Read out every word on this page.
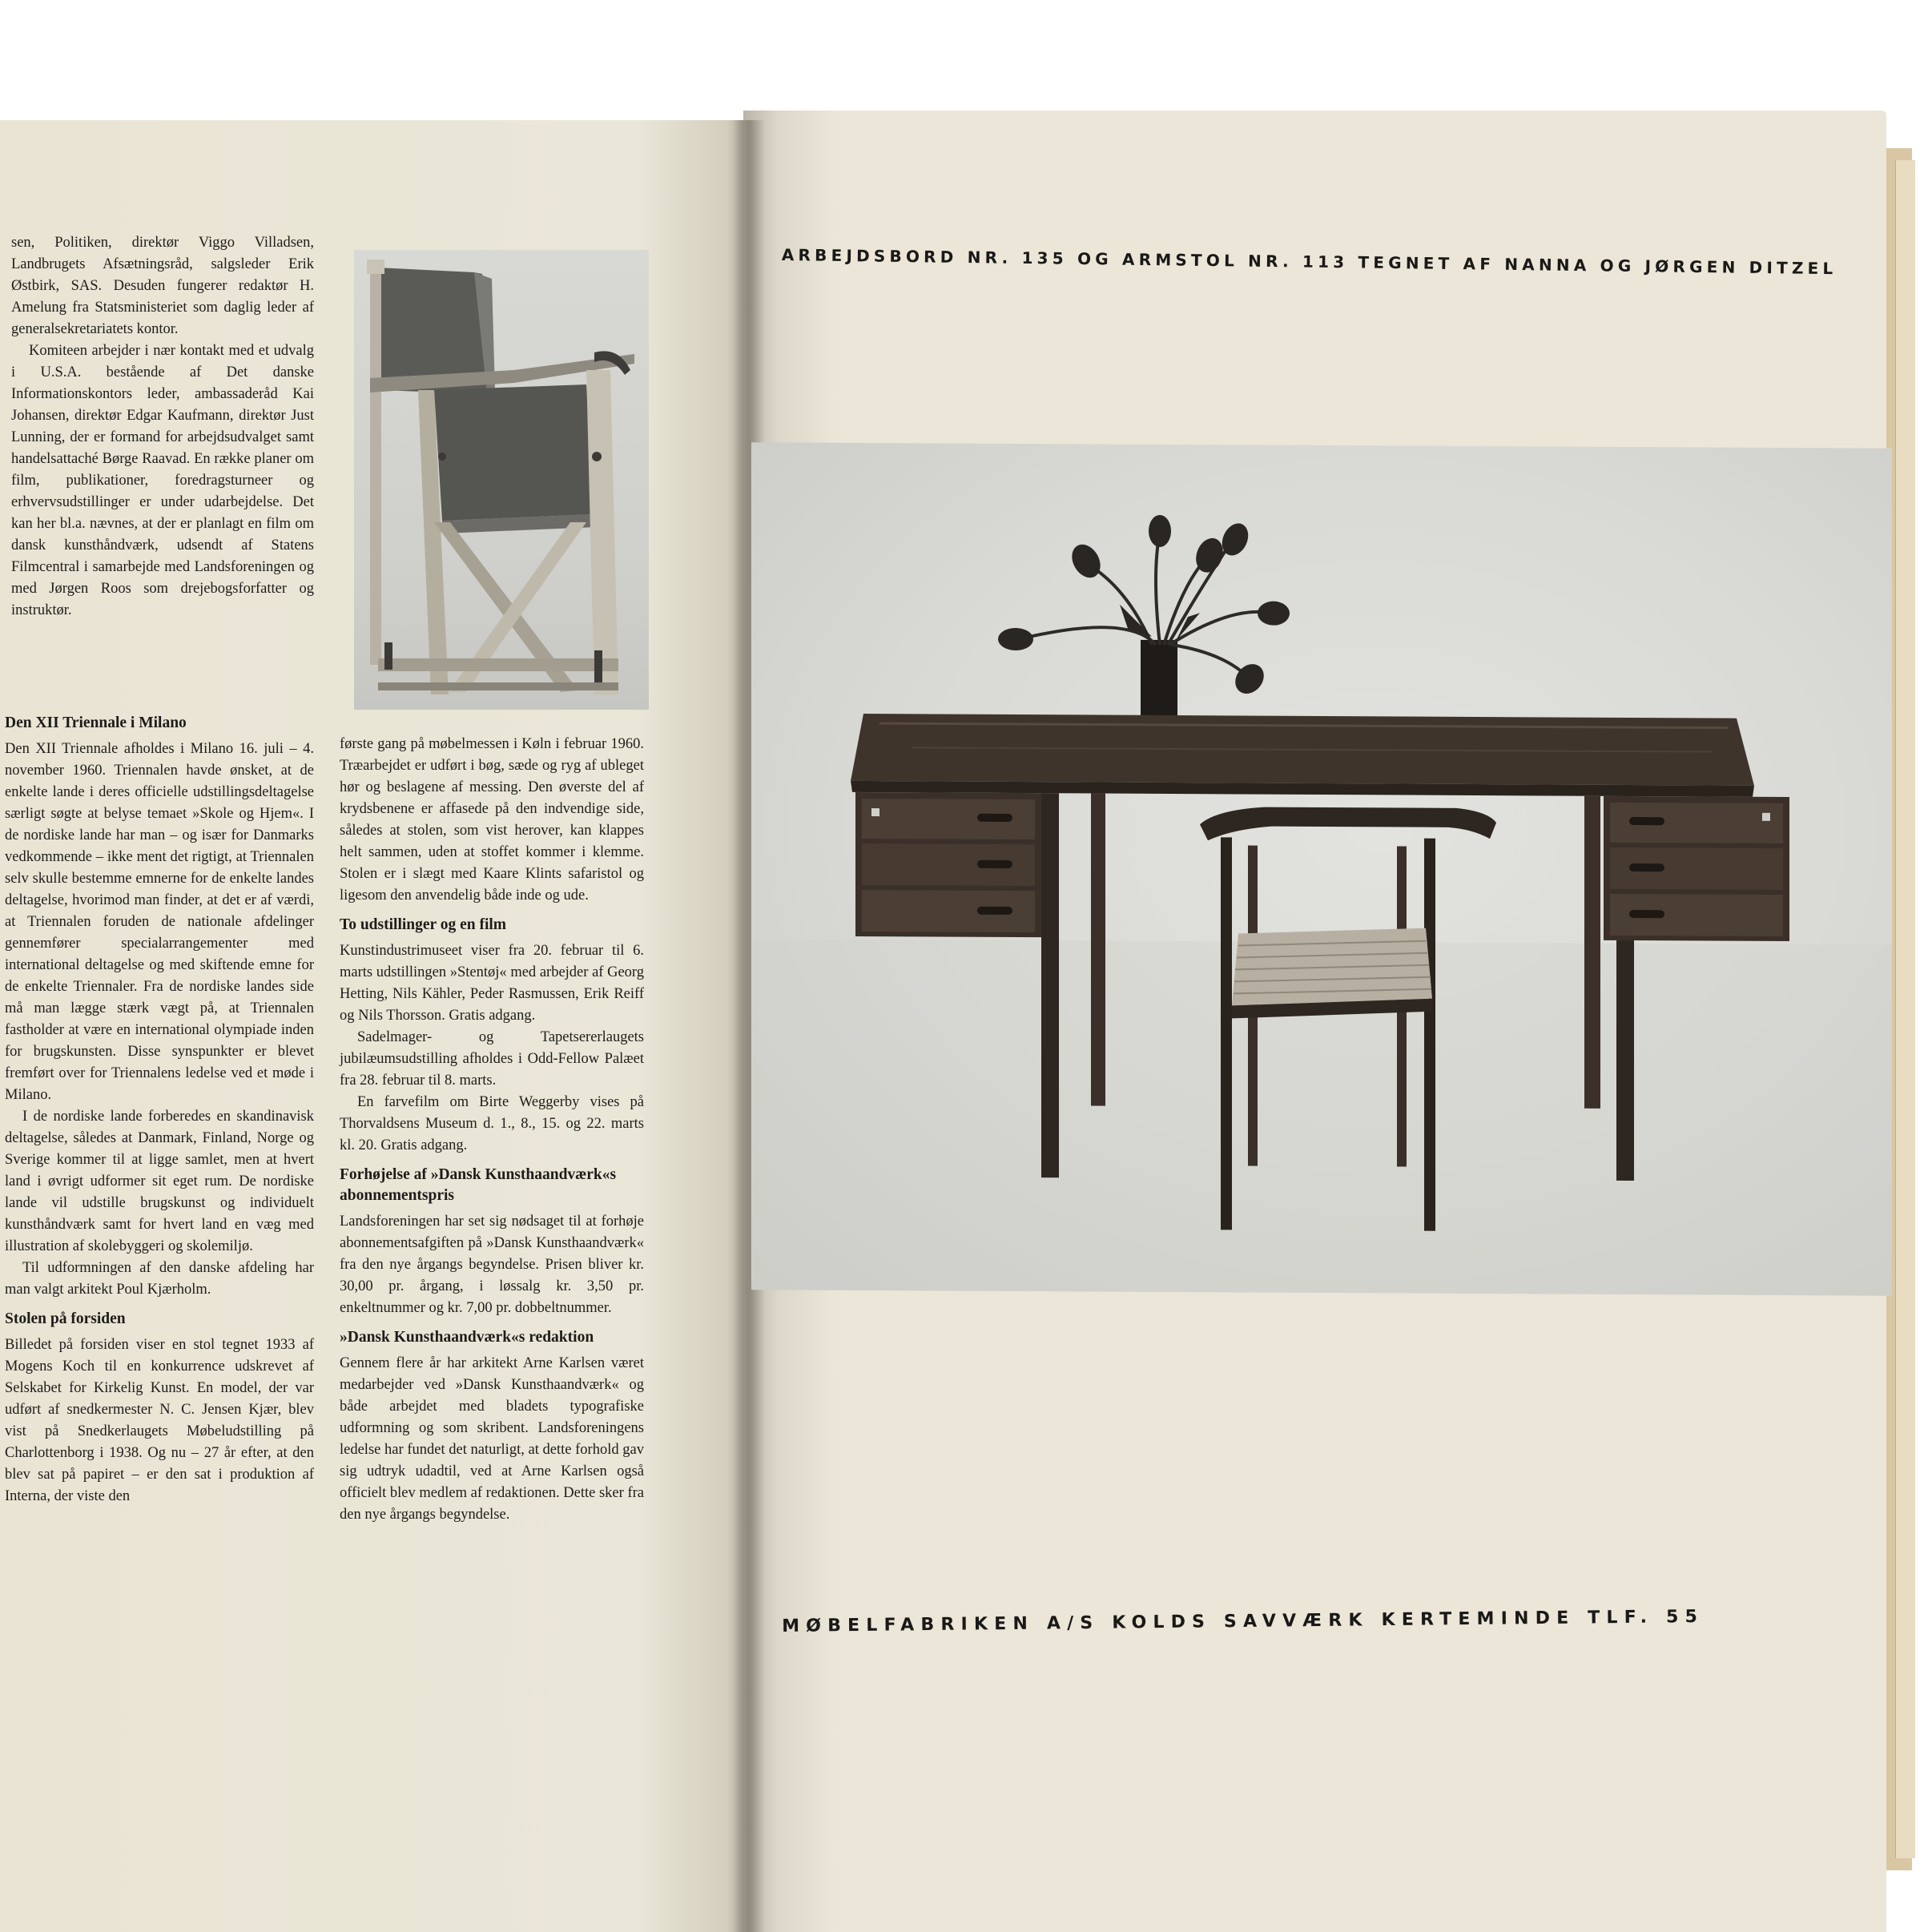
sen, Politiken, direktør Viggo Villadsen, Landbrugets Afsætningsråd, salgsleder Erik Østbirk, SAS. Desuden fungerer redaktør H. Amelung fra Statsministeriet som daglig leder af generalsekretariatets kontor.

Komiteen arbejder i nær kontakt med et udvalg i U.S.A. bestående af Det danske Informationskontors leder, ambassaderåd Kai Johansen, direktør Edgar Kaufmann, direktør Just Lunning, der er formand for arbejdsudvalget samt handelsattaché Børge Raavad. En række planer om film, publikationer, foredragsturneer og erhvervsudstillinger er under udarbejdelse. Det kan her bl.a. nævnes, at der er planlagt en film om dansk kunsthåndværk, udsendt af Statens Filmcentral i samarbejde med Landsforeningen og med Jørgen Roos som drejebogsforfatter og instruktør.

Den XII Triennale i Milano

Den XII Triennale afholdes i Milano 16. juli – 4. november 1960. Triennalen havde ønsket, at de enkelte lande i deres officielle udstillingsdeltagelse særligt søgte at belyse temaet »Skole og Hjem«. I de nordiske lande har man – og især for Danmarks vedkommende – ikke ment det rigtigt, at Triennalen selv skulle bestemme emnerne for de enkelte landes deltagelse, hvorimod man finder, at det er af værdi, at Triennalen foruden de nationale afdelinger gennemfører specialarrangementer med international deltagelse og med skiftende emne for de enkelte Triennaler. Fra de nordiske landes side må man lægge stærk vægt på, at Triennalen fastholder at være en international olympiade inden for brugskunsten. Disse synspunkter er blevet fremført over for Triennalens ledelse ved et møde i Milano.

I de nordiske lande forberedes en skandinavisk deltagelse, således at Danmark, Finland, Norge og Sverige kommer til at ligge samlet, men at hvert land i øvrigt udformer sit eget rum. De nordiske lande vil udstille brugskunst og individuelt kunsthåndværk samt for hvert land en væg med illustration af skolebyggeri og skolemiljø.

Til udformningen af den danske afdeling har man valgt arkitekt Poul Kjærholm.

Stolen på forsiden

Billedet på forsiden viser en stol tegnet 1933 af Mogens Koch til en konkurrence udskrevet af Selskabet for Kirkelig Kunst. En model, der var udført af snedkermester N. C. Jensen Kjær, blev vist på Snedkerlaugets Møbeludstilling på Charlottenborg i 1938. Og nu – 27 år efter, at den blev sat på papiret – er den sat i produktion af Interna, der viste den

første gang på møbelmessen i Køln i februar 1960. Træarbejdet er udført i bøg, sæde og ryg af ubleget hør og beslagene af messing. Den øverste del af krydsbenene er affasede på den indvendige side, således at stolen, som vist herover, kan klappes helt sammen, uden at stoffet kommer i klemme. Stolen er i slægt med Kaare Klints safaristol og ligesom den anvendelig både inde og ude.

To udstillinger og en film

Kunstindustrimuseet viser fra 20. februar til 6. marts udstillingen »Stentøj« med arbejder af Georg Hetting, Nils Kähler, Peder Rasmussen, Erik Reiff og Nils Thorsson. Gratis adgang.

Sadelmager- og Tapetsererlaugets jubilæumsudstilling afholdes i Odd-Fellow Palæet fra 28. februar til 8. marts.

En farvefilm om Birte Weggerby vises på Thorvaldsens Museum d. 1., 8., 15. og 22. marts kl. 20. Gratis adgang.

Forhøjelse af »Dansk Kunsthaandværk«s abonnementspris

Landsforeningen har set sig nødsaget til at forhøje abonnementsafgiften på »Dansk Kunsthaandværk« fra den nye årgangs begyndelse. Prisen bliver kr. 30,00 pr. årgang, i løssalg kr. 3,50 pr. enkeltnummer og kr. 7,00 pr. dobbeltnummer.

»Dansk Kunsthaandværk«s redaktion

Gennem flere år har arkitekt Arne Karlsen været medarbejder ved »Dansk Kunsthaandværk« og både arbejdet med bladets typografiske udformning og som skribent. Landsforeningens ledelse har fundet det naturligt, at dette forhold gav sig udtryk udadtil, ved at Arne Karlsen også officielt blev medlem af redaktionen. Dette sker fra den nye årgangs begyndelse.

ARBEJDSBORD NR. 135 OG ARMSTOL NR. 113 TEGNET AF NANNA OG JØRGEN DITZEL
MØBELFABRIKEN A/S KOLDS SAVVÆRK KERTEMINDE TLF. 55
